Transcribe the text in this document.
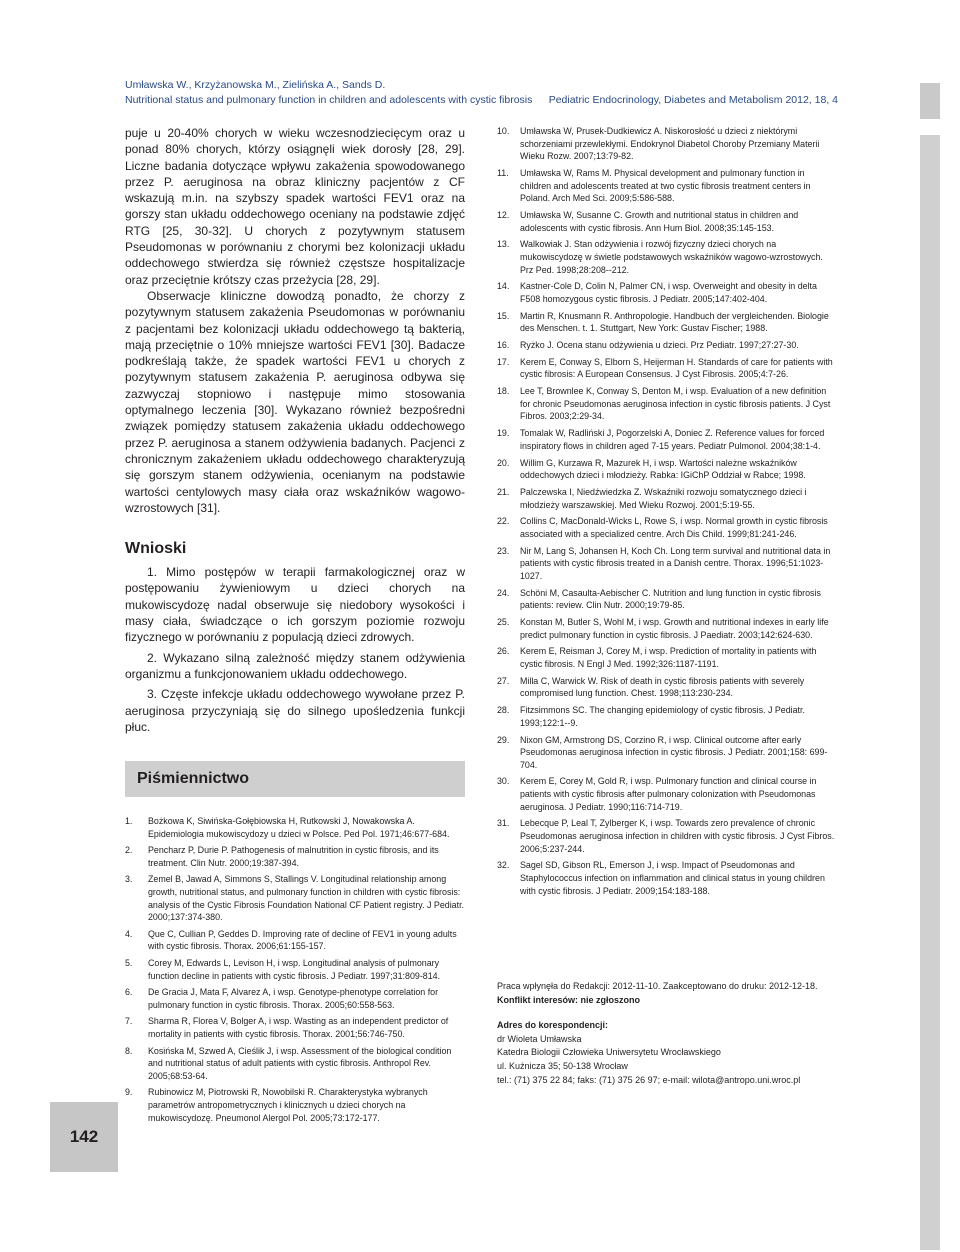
Umławska W., Krzyżanowska M., Zielińska A., Sands D.
Nutritional status and pulmonary function in children and adolescents with cystic fibrosis Pediatric Endocrinology, Diabetes and Metabolism 2012, 18, 4
142

puje u 20-40% chorych w wieku wczesnodziecięcym oraz u ponad 80% chorych, którzy osiągnęli wiek dorosły [28, 29]. Liczne badania dotyczące wpływu zakażenia spowodowanego przez P. aeruginosa na obraz kliniczny pacjentów z CF wskazują m.in. na szybszy spadek wartości FEV1 oraz na gorszy stan układu oddechowego oceniany na podstawie zdjęć RTG [25, 30-32]. U chorych z pozytywnym statusem Pseudomonas w porównaniu z chorymi bez kolonizacji układu oddechowego stwierdza się również częstsze hospitalizacje oraz przeciętnie krótszy czas przeżycia [28, 29].

Obserwacje kliniczne dowodzą ponadto, że chorzy z pozytywnym statusem zakażenia Pseudomonas w porównaniu z pacjentami bez kolonizacji układu oddechowego tą bakterią, mają przeciętnie o 10% mniejsze wartości FEV1 [30]. Badacze podkreślają także, że spadek wartości FEV1 u chorych z pozytywnym statusem zakażenia P. aeruginosa odbywa się zazwyczaj stopniowo i następuje mimo stosowania optymalnego leczenia [30]. Wykazano również bezpośredni związek pomiędzy statusem zakażenia układu oddechowego przez P. aeruginosa a stanem odżywienia badanych. Pacjenci z chronicznym zakażeniem układu oddechowego charakteryzują się gorszym stanem odżywienia, ocenianym na podstawie wartości centylowych masy ciała oraz wskaźników wagowo-wzrostowych [31].

Wnioski

1. Mimo postępów w terapii farmakologicznej oraz w postępowaniu żywieniowym u dzieci chorych na mukowiscydozę nadal obserwuje się niedobory wysokości i masy ciała, świadczące o ich gorszym poziomie rozwoju fizycznego w porównaniu z populacją dzieci zdrowych.

2. Wykazano silną zależność między stanem odżywienia organizmu a funkcjonowaniem układu oddechowego.

3. Częste infekcje układu oddechowego wywołane przez P. aeruginosa przyczyniają się do silnego upośledzenia funkcji płuc.

Piśmiennictwo
1.	Bożkowa K, Siwińska-Gołębiowska H, Rutkowski J, Nowakowska A. Epidemiologia mukowiscydozy u dzieci w Polsce. Ped Pol. 1971;46:677-684.
2.	Pencharz P, Durie P. Pathogenesis of malnutrition in cystic fibrosis, and its treatment. Clin Nutr. 2000;19:387-394.
3.	Zemel B, Jawad A, Simmons S, Stallings V. Longitudinal relationship among growth, nutritional status, and pulmonary function in children with cystic fibrosis: analysis of the Cystic Fibrosis Foundation National CF Patient registry. J Pediatr. 2000;137:374-380.
4.	Que C, Cullian P, Geddes D. Improving rate of decline of FEV1 in young adults with cystic fibrosis. Thorax. 2006;61:155-157.
5.	Corey M, Edwards L, Levison H, i wsp. Longitudinal analysis of pulmonary function decline in patients with cystic fibrosis. J Pediatr. 1997;31:809-814.
6.	De Gracia J, Mata F, Alvarez A, i wsp. Genotype-phenotype correlation for pulmonary function in cystic fibrosis. Thorax. 2005;60:558-563.
7.	Sharma R, Florea V, Bolger A, i wsp. Wasting as an independent predictor of mortality in patients with cystic fibrosis. Thorax. 2001;56:746-750.
8.	Kosińska M, Szwed A, Cieślik J, i wsp. Assessment of the biological condition and nutritional status of adult patients with cystic fibrosis. Anthropol Rev. 2005;68:53-64.
9.	Rubinowicz M, Piotrowski R, Nowobilski R. Charakterystyka wybranych parametrów antropometrycznych i klinicznych u dzieci chorych na mukowiscydozę. Pneumonol Alergol Pol. 2005;73:172-177.
10.	Umławska W, Prusek-Dudkiewicz A. Niskorosłość u dzieci z niektórymi schorzeniami przewlekłymi. Endokrynol Diabetol Choroby Przemiany Materii Wieku Rozw. 2007;13:79-82.
11.	Umławska W, Rams M. Physical development and pulmonary function in children and adolescents treated at two cystic fibrosis treatment centers in Poland. Arch Med Sci. 2009;5:586-588.
12.	Umławska W, Susanne C. Growth and nutritional status in children and adolescents with cystic fibrosis. Ann Hum Biol. 2008;35:145-153.
13.	Walkowiak J. Stan odżywienia i rozwój fizyczny dzieci chorych na mukowiscydozę w świetle podstawowych wskaźników wagowo-wzrostowych. Prz Ped. 1998;28:208--212.
14.	Kastner-Cole D, Colin N, Palmer CN, i wsp. Overweight and obesity in delta F508 homozygous cystic fibrosis. J Pediatr. 2005;147:402-404.
15.	Martin R, Knusmann R. Anthropologie. Handbuch der vergleichenden. Biologie des Menschen. t. 1. Stuttgart, New York: Gustav Fischer; 1988.
16.	Ryżko J. Ocena stanu odżywienia u dzieci. Prz Pediatr. 1997;27:27-30.
17.	Kerem E, Conway S, Elborn S, Heijerman H. Standards of care for patients with cystic fibrosis: A European Consensus. J Cyst Fibrosis. 2005;4:7-26.
18.	Lee T, Brownlee K, Conway S, Denton M, i wsp. Evaluation of a new definition for chronic Pseudomonas aeruginosa infection in cystic fibrosis patients. J Cyst Fibros. 2003;2:29-34.
19.	Tomalak W, Radliński J, Pogorzelski A, Doniec Z. Reference values for forced inspiratory flows in children aged 7-15 years. Pediatr Pulmonol. 2004;38:1-4.
20.	Willim G, Kurzawa R, Mazurek H, i wsp. Wartości należne wskaźników oddechowych dzieci i młodzieży. Rabka: IGiChP Oddział w Rabce; 1998.
21.	Palczewska I, Niedźwiedzka Z. Wskaźniki rozwoju somatycznego dzieci i młodzieży warszawskiej. Med Wieku Rozwoj. 2001;5:19-55.
22.	Collins C, MacDonald-Wicks L, Rowe S, i wsp. Normal growth in cystic fibrosis associated with a specialized centre. Arch Dis Child. 1999;81:241-246.
23.	Nir M, Lang S, Johansen H, Koch Ch. Long term survival and nutritional data in patients with cystic fibrosis treated in a Danish centre. Thorax. 1996;51:1023-1027.
24.	Schöni M, Casaulta-Aebischer C. Nutrition and lung function in cystic fibrosis patients: review. Clin Nutr. 2000;19:79-85.
25.	Konstan M, Butler S, Wohl M, i wsp. Growth and nutritional indexes in early life predict pulmonary function in cystic fibrosis. J Paediatr. 2003;142:624-630.
26.	Kerem E, Reisman J, Corey M, i wsp. Prediction of mortality in patients with cystic fibrosis. N Engl J Med. 1992;326:1187-1191.
27.	Milla C, Warwick W. Risk of death in cystic fibrosis patients with severely compromised lung function. Chest. 1998;113:230-234.
28.	Fitzsimmons SC. The changing epidemiology of cystic fibrosis. J Pediatr. 1993;122:1--9.
29.	Nixon GM, Armstrong DS, Corzino R, i wsp. Clinical outcome after early Pseudomonas aeruginosa infection in cystic fibrosis. J Pediatr. 2001;158: 699-704.
30.	Kerem E, Corey M, Gold R, i wsp. Pulmonary function and clinical course in patients with cystic fibrosis after pulmonary colonization with Pseudomonas aeruginosa. J Pediatr. 1990;116:714-719.
31.	Lebecque P, Leal T, Zylberger K, i wsp. Towards zero prevalence of chronic Pseudomonas aeruginosa infection in children with cystic fibrosis. J Cyst Fibros. 2006;5:237-244.
32.	Sagel SD, Gibson RL, Emerson J, i wsp. Impact of Pseudomonas and Staphylococcus infection on inflammation and clinical status in young children with cystic fibrosis. J Pediatr. 2009;154:183-188.
Praca wpłynęła do Redakcji: 2012-11-10. Zaakceptowano do druku: 2012-12-18.
Konflikt interesów: nie zgłoszono
Adres do korespondencji:
dr Wioleta Umławska
Katedra Biologii Człowieka Uniwersytetu Wrocławskiego
ul. Kuźnicza 35; 50-138 Wrocław
tel.: (71) 375 22 84; faks: (71) 375 26 97; e-mail: wilota@antropo.uni.wroc.pl
